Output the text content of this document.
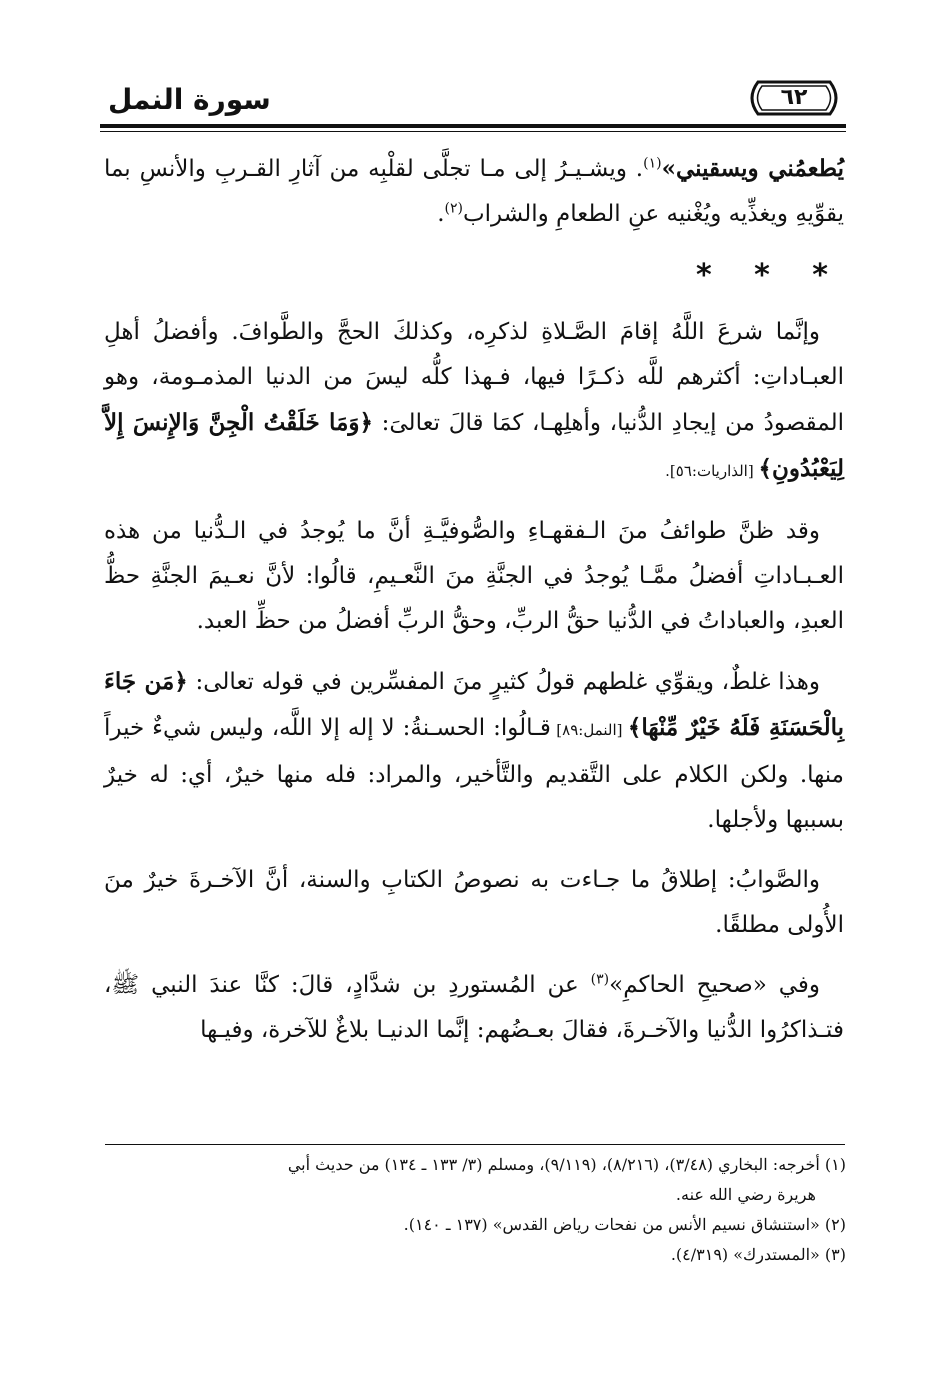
٦٢
سورة النمل

يُطعمُني ويسقيني»$^{(١)}$. ويشـيـرُ إلى مـا تجلَّى لقلْبِه من آثارِ القـربِ والأنسِ بما يقوِّيهِ ويغذِّيه ويُغْنيه عنِ الطعامِ والشراب$^{(٢)}$.

* * *

وإنَّما شرعَ اللَّهُ إقامَ الصَّـلاةِ لذكرِه، وكذلكَ الحجَّ والطَّوافَ. وأفضلُ أهلِ العبـاداتِ: أكثرهم للَّه ذكـرًا فيها، فـهذا كلُّه ليسَ من الدنيا المذمـومة، وهو المقصودُ من إيجادِ الدُّنيا، وأهلِهـا، كمَا قالَ تعالىَ: ﴿وَمَا خَلَقْتُ الْجِنَّ وَالإِنسَ إِلاَّ لِيَعْبُدُونِ﴾ [الذاريات:٥٦].

وقد ظنَّ طوائفُ منَ الـفقهـاءِ والصُّوفيَّـةِ أنَّ ما يُوجدُ في الـدُّنيا من هذه العـبـاداتِ أفضلُ ممَّـا يُوجدُ في الجنَّةِ منَ النَّعـيمِ، قالُوا: لأنَّ نعـيمَ الجنَّةِ حظُّ العبدِ، والعباداتُ في الدُّنيا حقُّ الربِّ، وحقُّ الربِّ أفضلُ من حظِّ العبد.

وهذا غلطٌ، ويقوِّي غلطهم قولُ كثيرٍ منَ المفسِّرين في قوله تعالى: ﴿مَن جَاءَ بِالْحَسَنَةِ فَلَهُ خَيْرٌ مِّنْهَا﴾ [النمل:٨٩] قـالُوا: الحسـنةُ: لا إله إلا اللَّه، وليس شيءٌ خيراً منها. ولكن الكلام على التَّقديم والتَّأخير، والمراد: فله منها خيرٌ، أي: له خيرٌ بسببها ولأجلها.

والصَّوابُ: إطلاقُ ما جـاءت به نصوصُ الكتابِ والسنة، أنَّ الآخـرةَ خيرٌ منَ الأُولى مطلقًا.

وفي «صحيحِ الحاكمِ»$^{(٣)}$ عن المُستوردِ بن شدَّادٍ، قالَ: كنَّا عندَ النبي ﷺ، فتـذاكرُوا الدُّنيا والآخـرةَ، فقالَ بعـضُهم: إنَّما الدنيـا بلاغٌ للآخرة، وفيـها

(١) أخرجه: البخاري (٣/٤٨)، (٨/٢١٦)، (٩/١١٩)، ومسلم (٣/ ١٣٣ ـ ١٣٤) من حديث أبي

هريرة رضي الله عنه.

(٢) «استنشاق نسيم الأنس من نفحات رياض القدس» (١٣٧ ـ ١٤٠).

(٣) «المستدرك» (٤/٣١٩).
